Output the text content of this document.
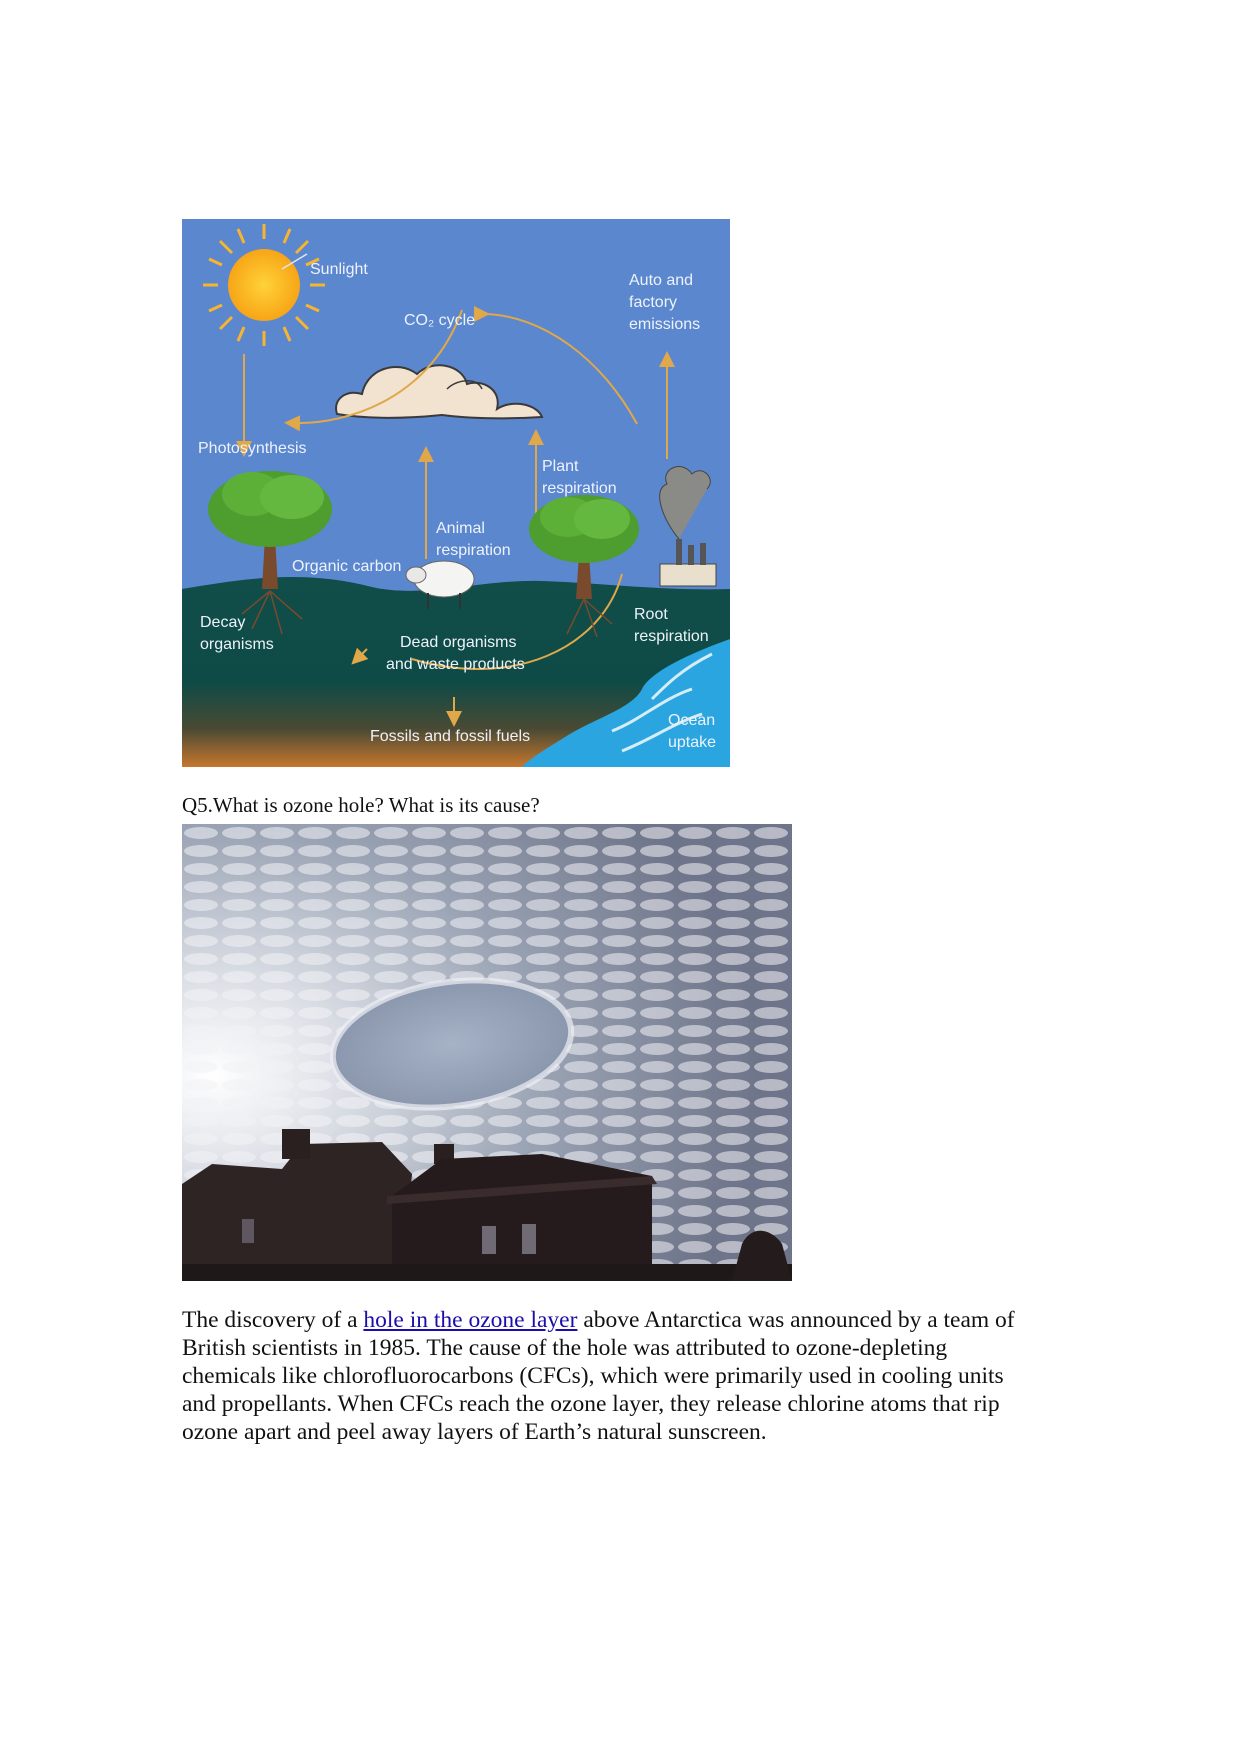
Sunlight
CO₂ cycle
Auto and
factory
emissions
Photosynthesis
Plant
respiration
Animal
respiration
Organic carbon
Decay
organisms	Dead organisms
and waste products
Root
respiration
Fossils and fossil fuels
Ocean
uptake
Q5.What is ozone hole? What is its cause?

The discovery of a hole in the ozone layer above Antarctica was announced by a team of

British scientists in 1985. The cause of the hole was attributed to ozone-depleting

chemicals like chlorofluorocarbons (CFCs), which were primarily used in cooling units

and propellants. When CFCs reach the ozone layer, they release chlorine atoms that rip

ozone apart and peel away layers of Earth’s natural sunscreen.
